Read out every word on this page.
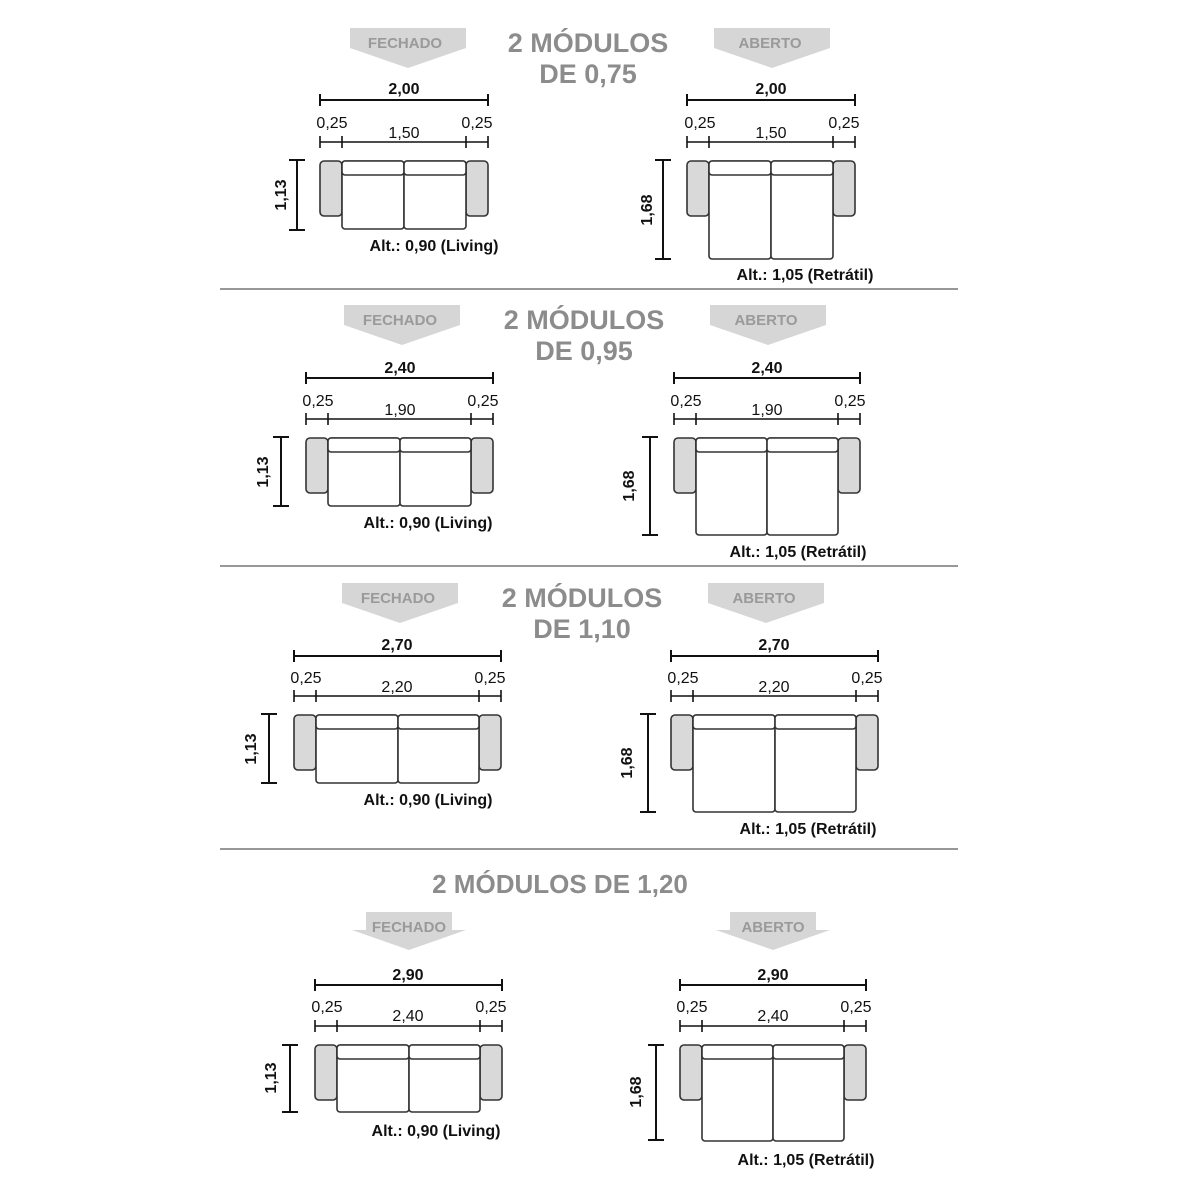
2 MÓDULOS
DE 0,75
FECHADO	ABERTO
2,00
0,25
1,50
0,25
1,13
Alt.: 0,90 (Living)
2,00
0,25
1,50
0,25
1,68
Alt.: 1,05 (Retrátil)
2 MÓDULOS
DE 0,95
FECHADO	ABERTO
2,40
0,25
1,90
0,25
1,13
Alt.: 0,90 (Living)
2,40
0,25
1,90
0,25
1,68
Alt.: 1,05 (Retrátil)
2 MÓDULOS
DE 1,10
FECHADO	ABERTO
2,70
0,25
2,20
0,25
1,13
Alt.: 0,90 (Living)
2,70
0,25
2,20
0,25
1,68
Alt.: 1,05 (Retrátil)
2 MÓDULOS DE 1,20
FECHADO	ABERTO
2,90
0,25
2,40
0,25
1,13
Alt.: 0,90 (Living)
2,90
0,25
2,40
0,25
1,68
Alt.: 1,05 (Retrátil)
